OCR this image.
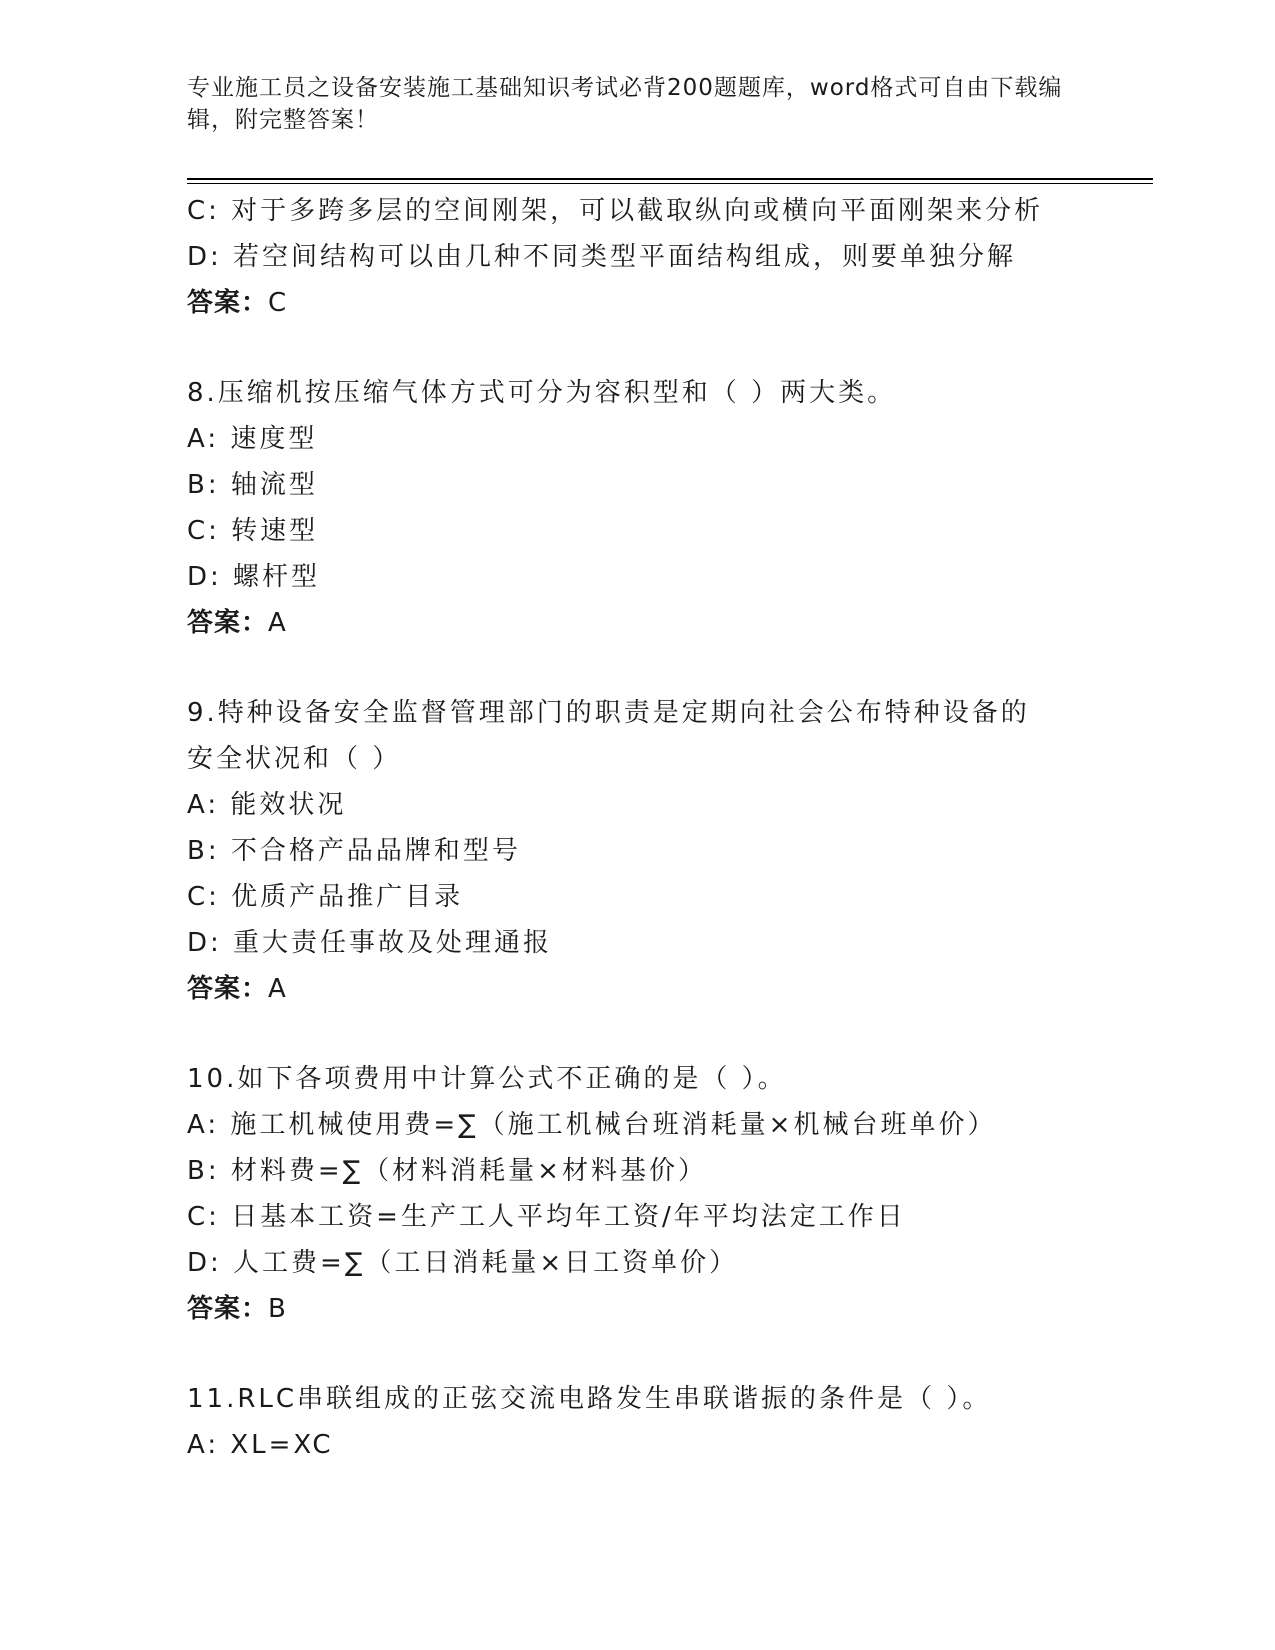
专业施工员之设备安装施工基础知识考试必背200题题库，word格式可自由下载编辑，附完整答案！
C: 对于多跨多层的空间刚架，可以截取纵向或横向平面刚架来分析
D: 若空间结构可以由几种不同类型平面结构组成，则要单独分解
答案：C
8.压缩机按压缩气体方式可分为容积型和（ ）两大类。
A: 速度型
B: 轴流型
C: 转速型
D: 螺杆型
答案：A
9.特种设备安全监督管理部门的职责是定期向社会公布特种设备的安全状况和（ ）
A: 能效状况
B: 不合格产品品牌和型号
C: 优质产品推广目录
D: 重大责任事故及处理通报
答案：A
10.如下各项费用中计算公式不正确的是（ ）。
A: 施工机械使用费=∑（施工机械台班消耗量×机械台班单价）
B: 材料费=∑（材料消耗量×材料基价）
C: 日基本工资=生产工人平均年工资/年平均法定工作日
D: 人工费=∑（工日消耗量×日工资单价）
答案：B
11.RLC串联组成的正弦交流电路发生串联谐振的条件是（ ）。
A: XL=XC
